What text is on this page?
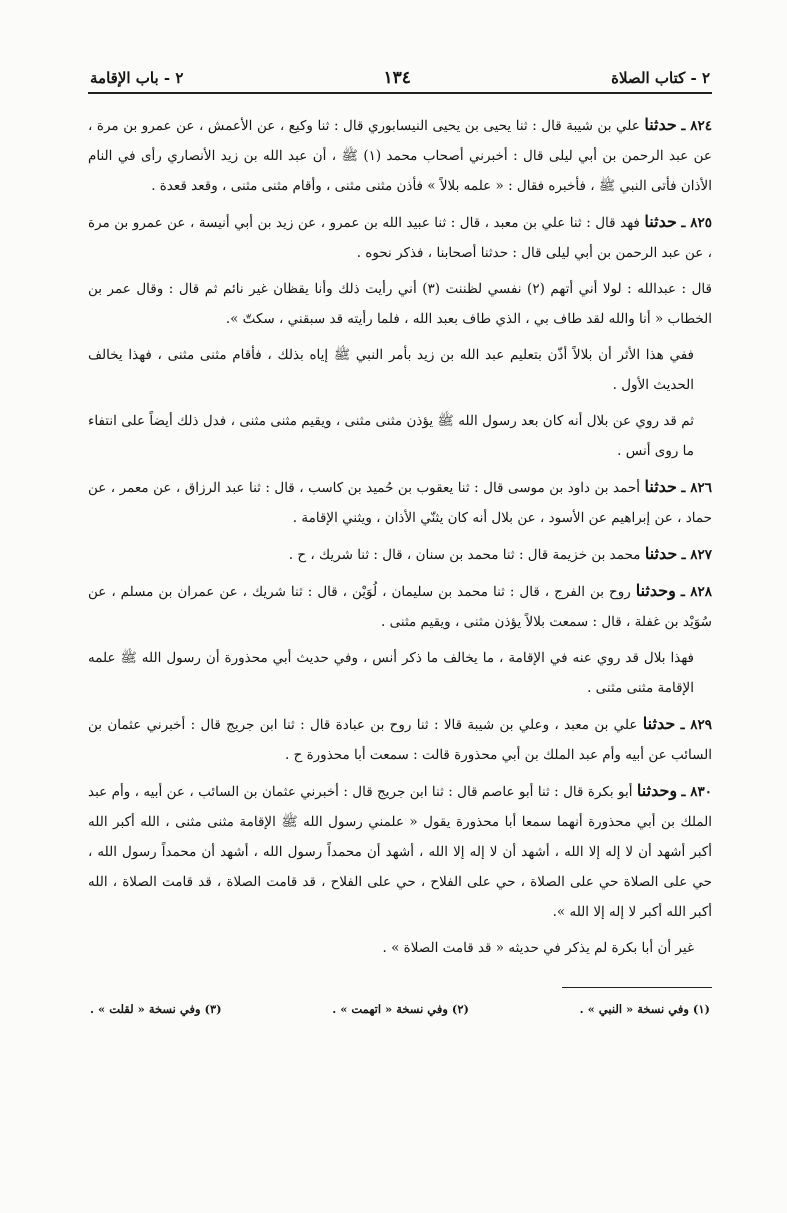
٢ - كتاب الصلاة
١٣٤
٢ - باب الإقامة

٨٢٤ ـ حدثنا علي بن شيبة قال : ثنا يحيى بن يحيى النيسابوري قال : ثنا وكيع ، عن الأعمش ، عن عمرو بن مرة ، عن عبد الرحمن بن أبي ليلى قال : أخبرني أصحاب محمد (١) ﷺ ، أن عبد الله بن زيد الأنصاري رأى في النام الأذان فأتى النبي ﷺ ، فأخبره فقال : « علمه بلالاً » فأذن مثنى مثنى ، وأقام مثنى مثنى ، وقعد قعدة .

٨٢٥ ـ حدثنا فهد قال : ثنا علي بن معبد ، قال : ثنا عبيد الله بن عمرو ، عن زيد بن أبي أنيسة ، عن عمرو بن مرة ، عن عبد الرحمن بن أبي ليلى قال : حدثنا أصحابنا ، فذكر نحوه .

قال : عبدالله : لولا أني أتهم (٢) نفسي لظننت (٣) أني رأيت ذلك وأنا يقظان غير نائم ثم قال : وقال عمر بن الخطاب « أنا والله لقد طاف بي ، الذي طاف بعبد الله ، فلما رأيته قد سبقني ، سكتّ ».

ففي هذا الأثر أن بلالاً أذّن بتعليم عبد الله بن زيد بأمر النبي ﷺ إياه بذلك ، فأقام مثنى مثنى ، فهذا يخالف الحديث الأول .

ثم قد روي عن بلال أنه كان بعد رسول الله ﷺ يؤذن مثنى مثنى ، ويقيم مثنى مثنى ، فدل ذلك أيضاً على انتفاء ما روى أنس .

٨٢٦ ـ حدثنا أحمد بن داود بن موسى قال : ثنا يعقوب بن حُميد بن كاسب ، قال : ثنا عبد الرزاق ، عن معمر ، عن حماد ، عن إبراهيم عن الأسود ، عن بلال أنه كان يثنّي الأذان ، ويثني الإقامة .

٨٢٧ ـ حدثنا محمد بن خزيمة قال : ثنا محمد بن سنان ، قال : ثنا شريك ، ح .

٨٢٨ ـ وحدثنا روح بن الفرج ، قال : ثنا محمد بن سليمان ، لُوَيْن ، قال : ثنا شريك ، عن عمران بن مسلم ، عن سُوَيْد بن غفلة ، قال : سمعت بلالاً يؤذن مثنى ، ويقيم مثنى .

فهذا بلال قد روي عنه في الإقامة ، ما يخالف ما ذكر أنس ، وفي حديث أبي محذورة أن رسول الله ﷺ علمه الإقامة مثنى مثنى .

٨٢٩ ـ حدثنا علي بن معبد ، وعلي بن شيبة قالا : ثنا روح بن عبادة قال : ثنا ابن جريج قال : أخبرني عثمان بن السائب عن أبيه وأم عبد الملك بن أبي محذورة قالت : سمعت أبا محذورة ح .

٨٣٠ ـ وحدثنا أبو بكرة قال : ثنا أبو عاصم قال : ثنا ابن جريج قال : أخبرني عثمان بن السائب ، عن أبيه ، وأم عبد الملك بن أبي محذورة أنهما سمعا أبا محذورة يقول « علمني رسول الله ﷺ الإقامة مثنى مثنى ، الله أكبر الله أكبر أشهد أن لا إله إلا الله ، أشهد أن لا إله إلا الله ، أشهد أن محمداً رسول الله ، أشهد أن محمداً رسول الله ، حي على الصلاة حي على الصلاة ، حي على الفلاح ، حي على الفلاح ، قد قامت الصلاة ، قد قامت الصلاة ، الله أكبر الله أكبر لا إله إلا الله ».

غير أن أبا بكرة لم يذكر في حديثه « قد قامت الصلاة » .

(١) وفي نسخة « النبي » .
(٢) وفي نسخة « اتهمت » .
(٣) وفي نسخة « لقلت » .
